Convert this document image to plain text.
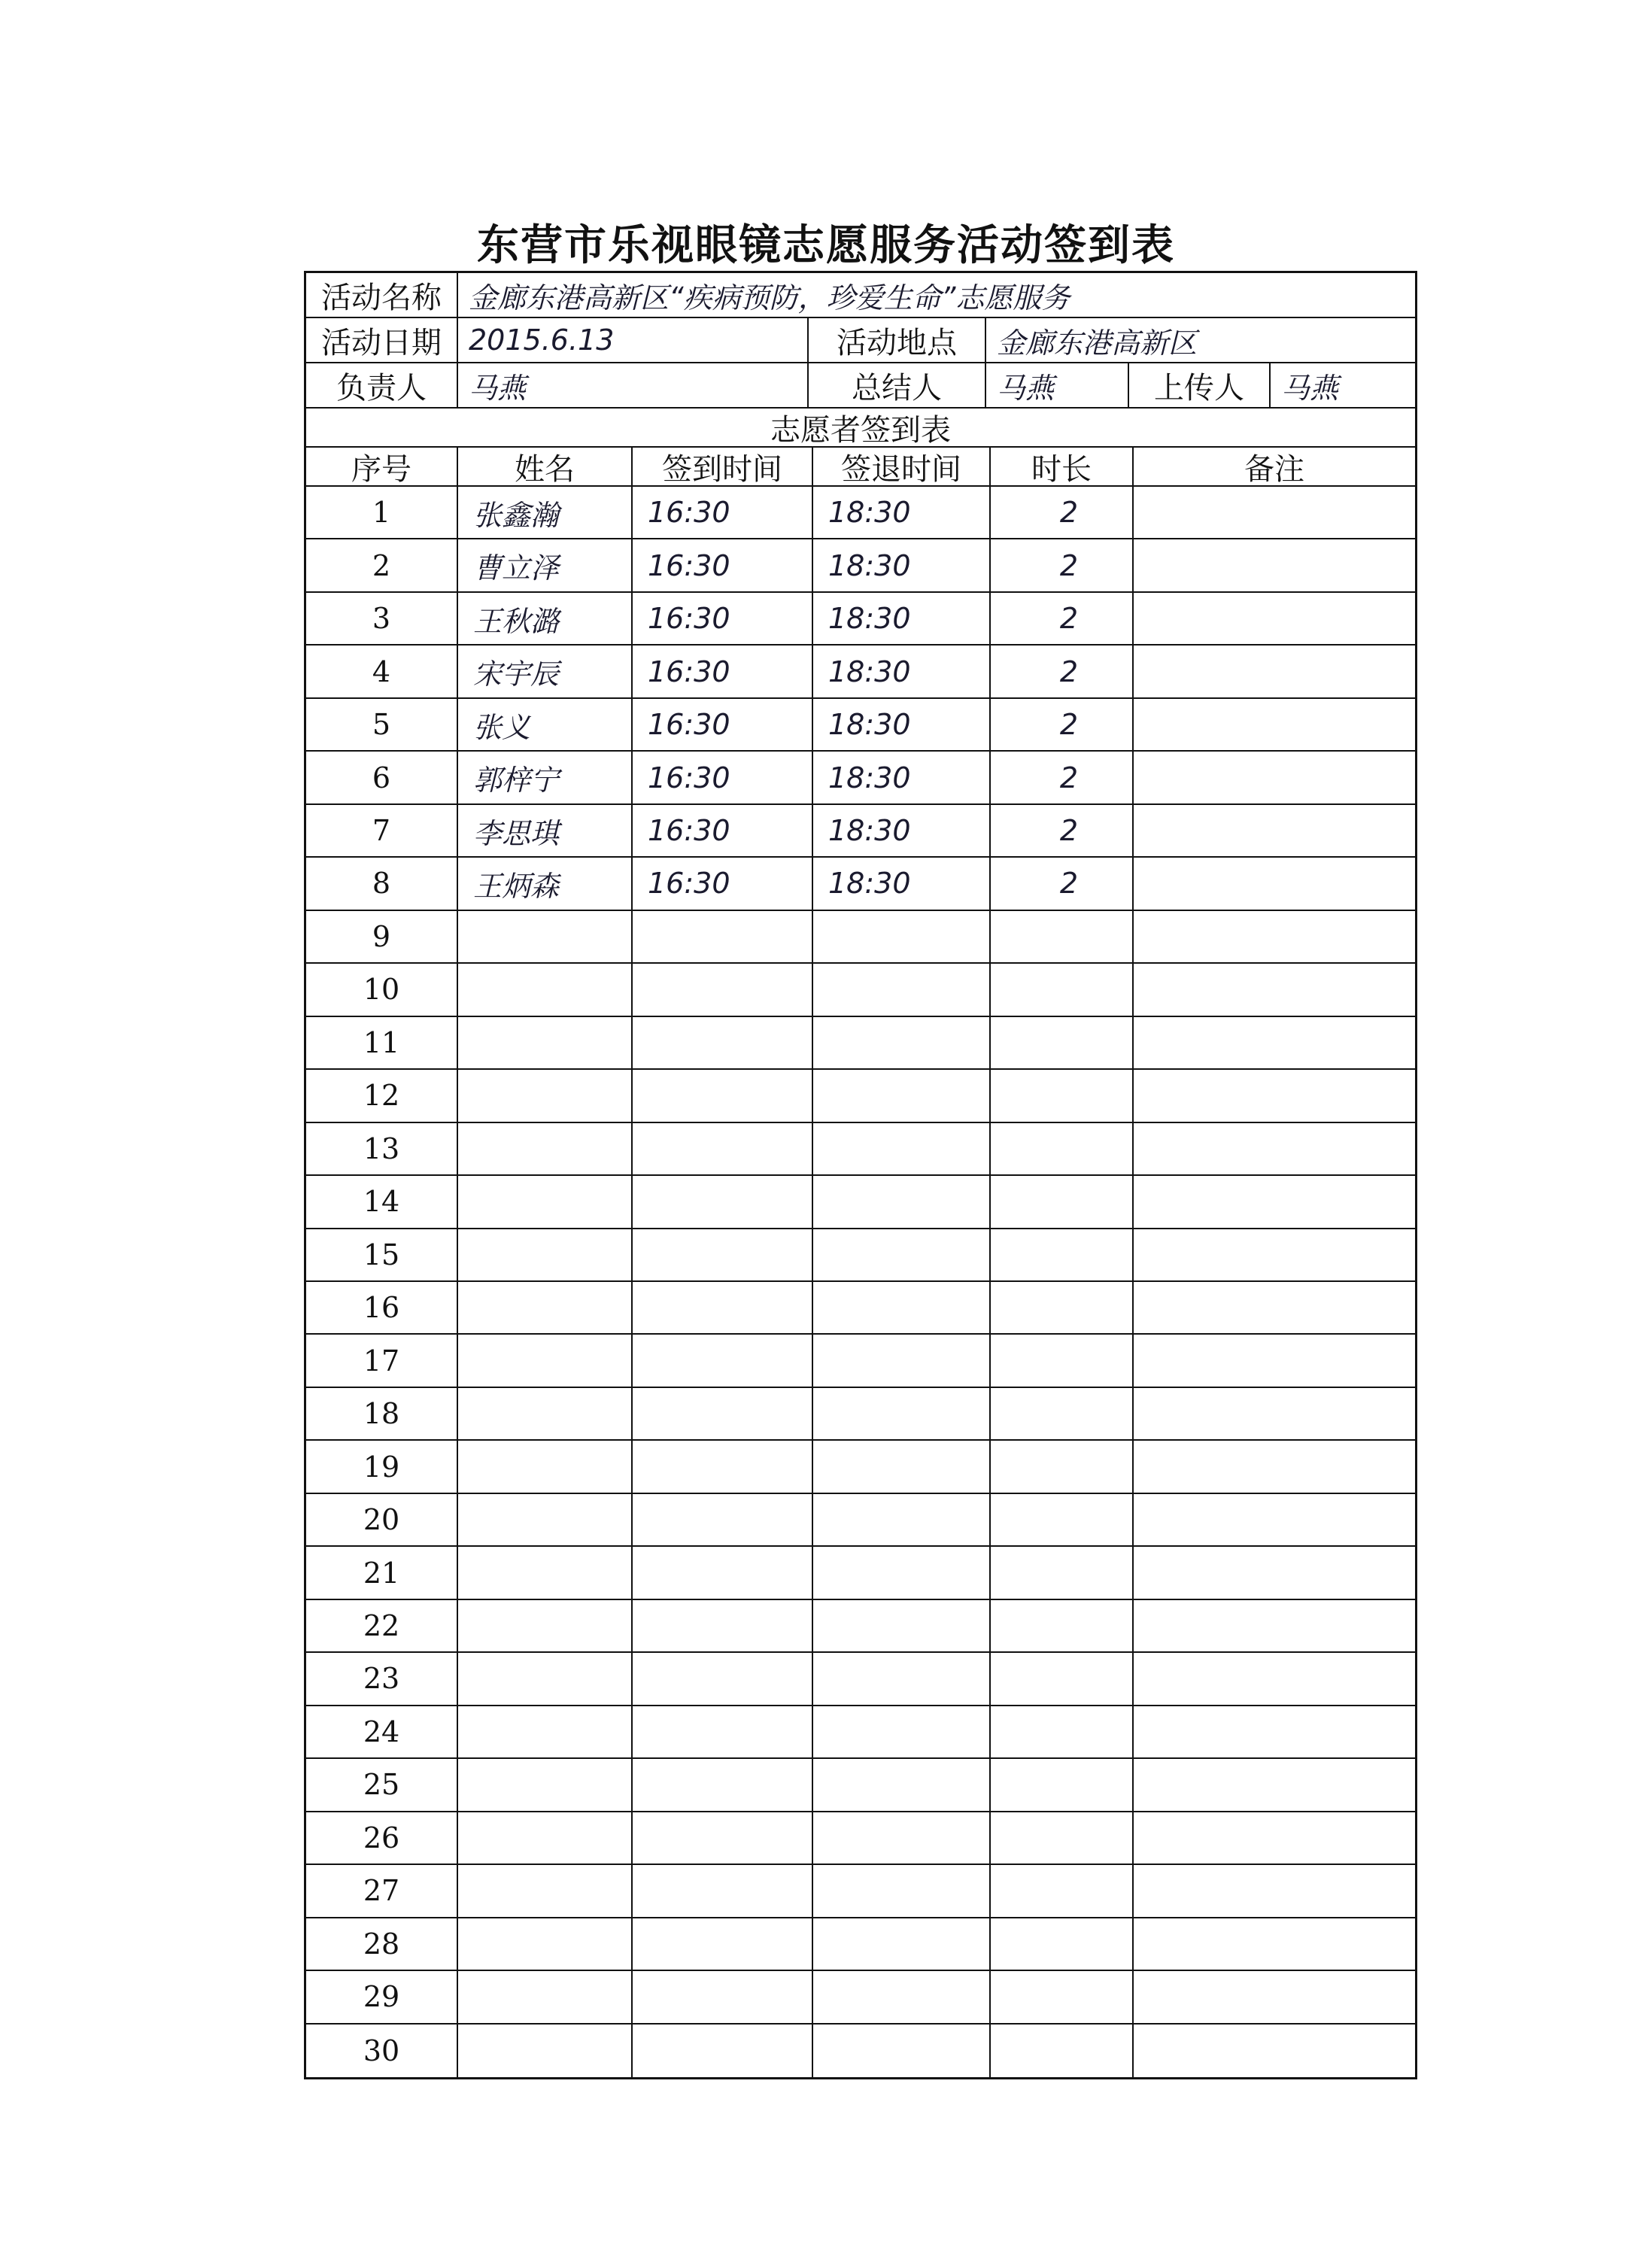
东营市乐视眼镜志愿服务活动签到表
活动名称 金廊东港高新区“疾病预防，珍爱生命”志愿服务
活动日期 2015.6.13	活动地点	金廊东港高新区
负责人	马燕	总结人	马燕	上传人	马燕
志愿者签到表
序号	姓名	签到时间	签退时间	时长	备注
1	张鑫瀚	16:30	18:30	2
2	曹立泽	16:30	18:30	2
3	王秋潞	16:30	18:30	2
4	宋宇辰	16:30	18:30	2
5	张义	16:30	18:30	2
6	郭梓宁	16:30	18:30	2
7	李思琪	16:30	18:30	2
8	王炳森	16:30	18:30	2
9
10
11
12
13
14
15
16
17
18
19
20
21
22
23
24
25
26
27
28
29
30
